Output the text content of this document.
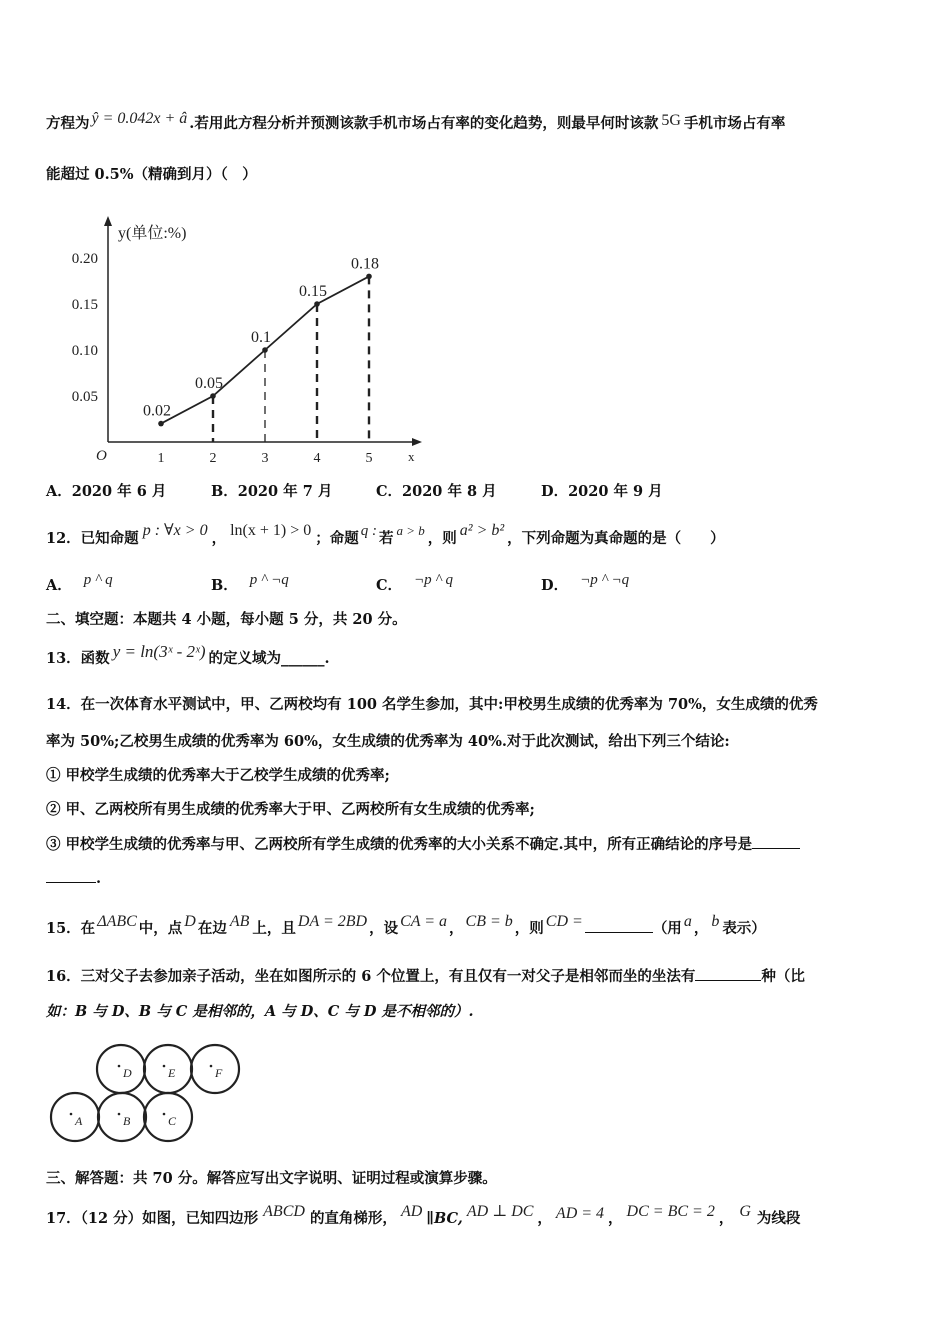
方程为 ŷ = 0.042x + â .若用此方程分析并预测该款手机市场占有率的变化趋势，则最早何时该款 5G 手机市场占有率
能超过 0.5%（精确到月）（　）
y(单位:%)
x
O
0.20
0.15
0.10
0.05
1	2	3	4	5
0.02
0.05
0.1
0.15
0.18
A．2020 年 6 月	B．2020 年 7 月	C．2020 年 8 月	D．2020 年 9 月
12．已知命题 p : ∀x > 0 ， ln(x + 1) > 0 ；命题 q : 若 a > b ，则 a² > b² ，下列命题为真命题的是（　　）
A． p ^ q	B． p ^ ¬q	C． ¬p ^ q	D． ¬p ^ ¬q
二、填空题：本题共 4 小题，每小题 5 分，共 20 分。
13．函数 y = ln(3ˣ - 2ˣ) 的定义域为______.
14．在一次体育水平测试中，甲、乙两校均有 100 名学生参加，其中:甲校男生成绩的优秀率为 70%，女生成绩的优秀
率为 50%;乙校男生成绩的优秀率为 60%，女生成绩的优秀率为 40%.对于此次测试，给出下列三个结论:
① 甲校学生成绩的优秀率大于乙校学生成绩的优秀率;
② 甲、乙两校所有男生成绩的优秀率大于甲、乙两校所有女生成绩的优秀率;
③ 甲校学生成绩的优秀率与甲、乙两校所有学生成绩的优秀率的大小关系不确定.其中，所有正确结论的序号是
.
15．在 ΔABC 中，点 D 在边 AB 上，且 DA = 2BD ，设 CA = a ， CB = b ，则 CD =	（用 a ， b 表示）
16．三对父子去参加亲子活动，坐在如图所示的 6 个位置上，有且仅有一对父子是相邻而坐的坐法有	种（比
如：B 与 D、B 与 C 是相邻的，A 与 D、C 与 D 是不相邻的）.
D	E	F
A	B	C
三、解答题：共 70 分。解答应写出文字说明、证明过程或演算步骤。
17．（12 分）如图，已知四边形 ABCD 的直角梯形， AD ∥BC, AD ⊥ DC ， AD = 4 ， DC = BC = 2 ， G 为线段
